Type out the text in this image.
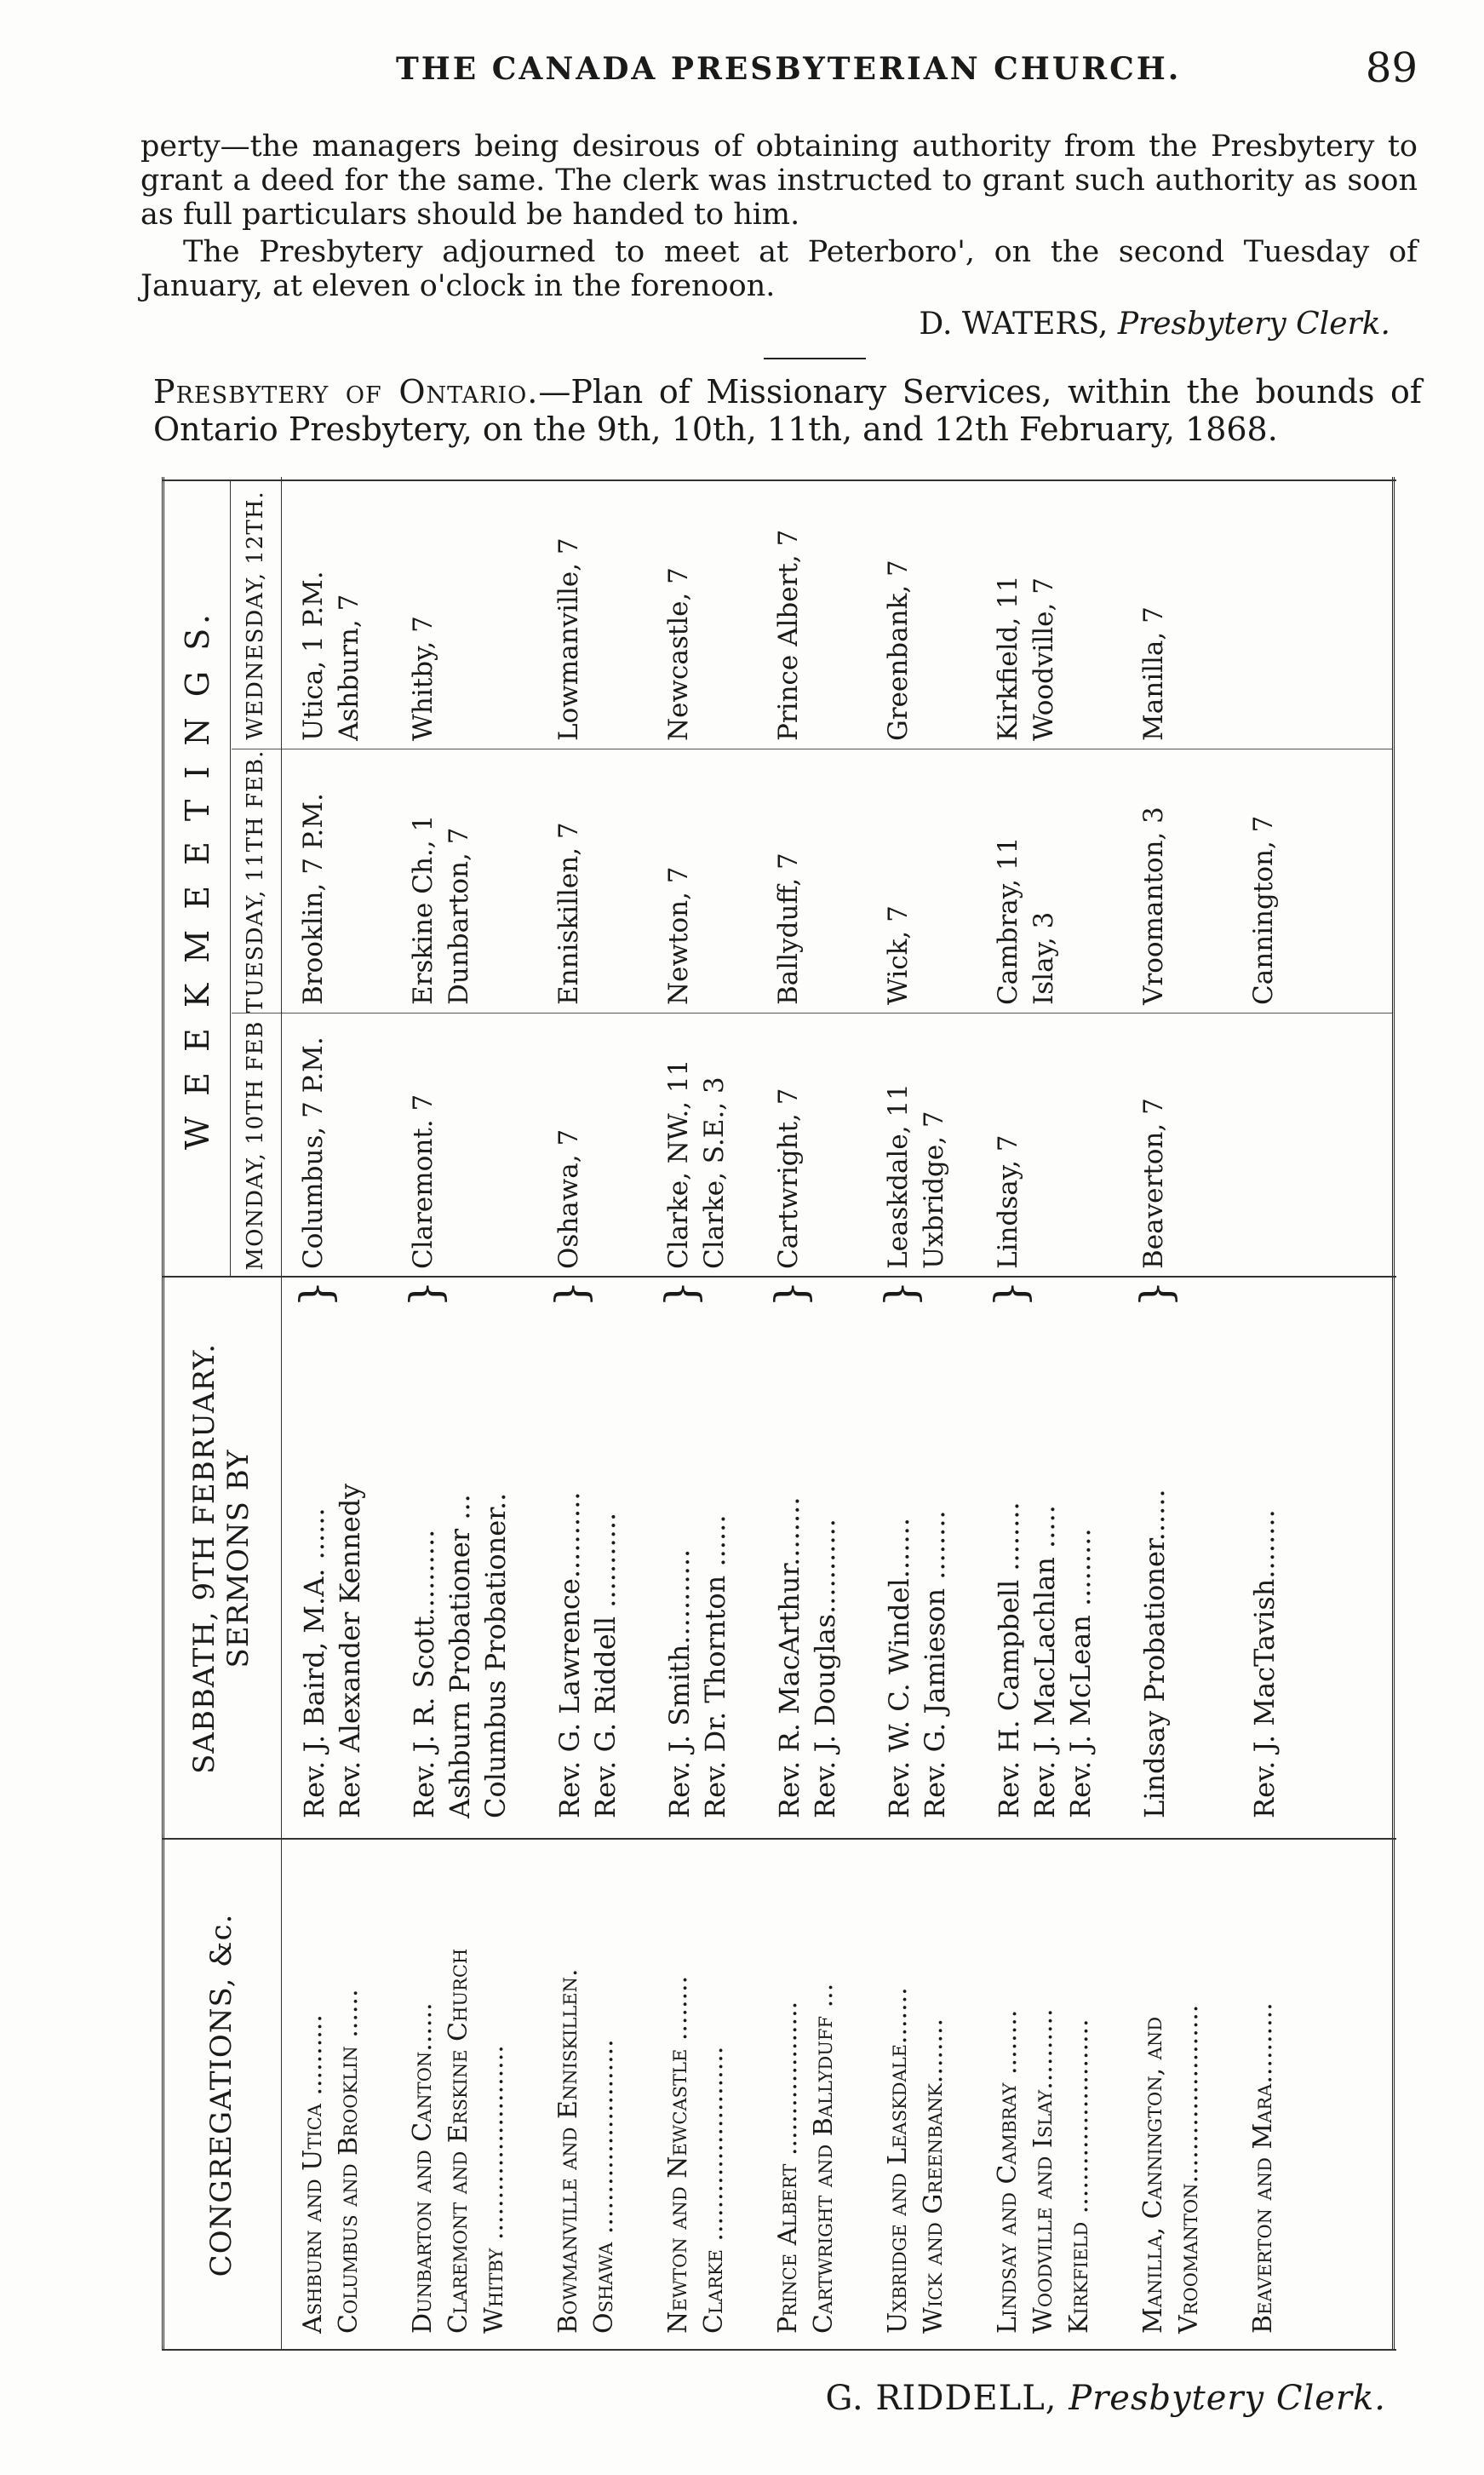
THE CANADA PRESBYTERIAN CHURCH.	89
perty—the managers being desirous of obtaining authority from the Presbytery to grant a deed for the same. The clerk was instructed to grant such authority as soon as full particulars should be handed to him.
The Presbytery adjourned to meet at Peterboro', on the second Tuesday of January, at eleven o'clock in the forenoon.
D. WATERS, Presbytery Clerk.
Presbytery of Ontario.—Plan of Missionary Services, within the bounds of Ontario Presbytery, on the 9th, 10th, 11th, and 12th February, 1868.
CONGREGATIONS, &c.
SABBATH, 9TH FEBRUARY. SERMONS BY
W E E K M E E T I N G S. MONDAY, 10TH FEB
TUESDAY, 11TH FEB.
WEDNESDAY, 12TH.
Ashburn and Utica .......... Columbus and Brooklin ......
Rev. J. Baird, M.A. ...... Rev. Alexander Kennedy
}
Columbus, 7 P.M.
Brooklin, 7 P.M.
Utica, 1 P.M. Ashburn, 7
Dunbarton and Canton...... Claremont and Erskine Church Whitby ........................
Rev. J. R. Scott.......... Ashburn Probationer ... Columbus Probationer..
}
Claremont. 7
Erskine Ch., 1 Dunbarton, 7
Whitby, 7
Bowmanville and Enniskillen. Oshawa ........................
Rev. G. Lawrence.......... Rev. G. Riddell ...........
}
Oshawa, 7
Enniskillen, 7
Lowmanville, 7
Newton and Newcastle ........ Clarke ........................
Rev. J. Smith........... Rev. Dr. Thornton ......
}
Clarke, NW., 11 Clarke, S.E., 3
Newton, 7
Newcastle, 7
Prince Albert ................... Cartwright and Ballyduff ...
Rev. R. MacArthur........ Rev. J. Douglas...........
}
Cartwright, 7
Ballyduff, 7
Prince Albert, 7
Uxbridge and Leaskdale....... Wick and Greenbank........
Rev. W. C. Windel....... Rev. G. Jamieson ........
}
Leaskdale, 11 Uxbridge, 7
Wick, 7
Greenbank, 7
Lindsay and Cambray ........ Woodville and Islay.......... Kirkfield ........................
Rev. H. Campbell ........ Rev. J. MacLachlan ..... Rev. J. McLean .........
}
Lindsay, 7
Cambray, 11 Islay, 3
Kirkfield, 11 Woodville, 7
Manilla, Cannington, and Vroomanton......................
Lindsay Probationer......
}
Beaverton, 7
Vroomanton, 3
Manilla, 7
Beaverton and Mara..........
Rev. J. MacTavish........
Cannington, 7
G. RIDDELL, Presbytery Clerk.
